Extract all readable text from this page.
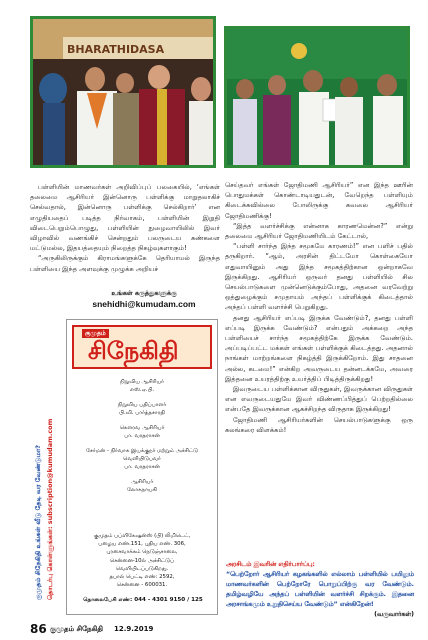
BHARATHIDASA

பள்ளியின் மாணவர்கள் அறிவிப்புப் பலகையில், ‘எங்கள் தலைமை ஆசிரியர் இன்னொரு பள்ளிக்கு மாறுதலாகிச் செல்வதால், இன்னொரு பள்ளிக்கு செல்கிறார்’ என எழுதியதைப் படித்த நிர்வாகம், பள்ளியின் இறுதி விடைபெறும்பொழுது, பள்ளியின் நுழைவாயிலில் இவர் விழாவில் வணங்கிச் சென்றதும் பலருடைய கண்களை மட்டுமல்ல, இதயத்தையும் நிறைத்த நிகழ்வுகளாகும்!

“அருகிலிருக்கும் கிராமங்களுக்கே தெரியாமல் இருந்த பள்ளியை இந்த அளவுக்கு முழுக்க அறியச்

செய்தவர் எங்கள் ஜோதிமணி ஆசிரியர்” என இந்த ஊரின் பொதுமக்கள் கொண்டாடியதுடன், வேறெந்த பள்ளியும் கிடைக்கவில்லை போலிருக்கு கவலை ஆசிரியர் ஜோதிமணிக்கு!

“இத்த வளர்ச்சிக்கு என்னாக காரணமென்ன?” என்று தலைமை ஆசிரியர் ஜோதிமணியிடம் கேட்டால்,

“பள்ளி சார்ந்த இந்த சமூகமே காரணம்!” என பளிச் பதில் தருகிறார். “ஆம், அரசின் திட்டமோ கொள்கையோ எதுவாயினும் அது இந்த சமூகத்திற்கான ஒன்றாகவே இருக்கிறது. ஆசிரியர் ஒருவர் தனது பள்ளியில் சில செயல்பாடுகளை முன்னெடுக்கும்போது, அதனை வரவேற்று ஒத்துழைக்கும் சமுதாயம் அந்தப் பள்ளிக்குக் கிடைத்தால் அந்தப் பள்ளி வளர்ச்சி பெறுகிறது.

தனது ஆசிரியர் எப்படி இருக்க வேண்டும்?, தனது பள்ளி எப்படி இருக்க வேண்டும்? என்பதும் அக்கறை அந்த பள்ளியைச் சார்ந்த சமூகத்திற்கே இருக்க வேண்டும். அப்படிப்பட்ட மக்கள் எங்கள் பள்ளிக்குக் கிடைத்தது. அதனால் நாங்கள் மாற்றங்களை நிகழ்த்தி இருக்கிறோம். இது சாதனை அல்ல, கடமை!” என்கிற அவருடைய தன்னடக்கமே, அவரை இத்தனை உயரத்திற்கு உயர்த்திப் பிடித்திருக்கிறது!

இவருடைய பள்ளிக்கான விருதுகள், இவருக்கான விருதுகள் என எவருடையதுமே இவர் விண்ணப்பித்துப் பெற்றதில்லை என்பதே இவருக்கான ஆகச்சிறந்த விருதாக இருக்கிறது!

ஜோதிமணி ஆசிரியர்களின் செயல்பாடுகளுக்கு ஒரு கலங்கரை விளக்கம்!

உங்கள் கருத்துகளுக்கு
snehidhi@kumudam.com
குமுதம்
சிநேகிதி
நிறுவிய ஆசிரியர்
எஸ்.ஏ.பி.
நிறுவிய பதிப்பாளர்
பி.வி. பார்த்தசாரதி
கௌரவ ஆசிரியர்
பா. வரதராசன்
சேர்மன் - நிர்வாக இயக்குநர் மற்றும் அச்சிட்டு வெளியிடுபவர்
பா. வரதராசன்
ஆசிரியர்
லோகநாயகி
குமுதம் பப்ளிகேஷன்ஸ் (பி) லிமிடெட்,
பழைய எண்.151, புதிய எண். 306,
புரசைவாக்கம் நெடுஞ்சாலை,
சென்னை-10ல் அச்சிட்டுப்
வெளியிடப்படுகிறது.
தபால் பெட்டி எண்: 2592,
சென்னை - 600031.
தொலைபேசி எண்: 044 - 4301 9150 / 125
குமுதம் சிநேகிதி உங்கள் வீடு தேடி வர வேண்டுமா? தொடர்பு கொள்ளுங்கள்: subscription@kumudam.com	அரசிடம் இவரின் எதிர்பார்ப்பு:
“பெற்றோர் ஆசிரியர் கழகங்களில் எல்லாம் பள்ளியில் பயிலும் மாணவர்களின் பெற்றோரே பொறுப்பிற்கு வர வேண்டும். தமிழ்வழியே அந்தப் பள்ளியின் வளர்ச்சி சிறக்கும். இதனை அரசாங்கமும் உறுதிசெய்ய வேண்டும்” என்கிறேன்!
(வருவார்கள்)
86 குமுதம் சிநேகிதி 12.9.2019
